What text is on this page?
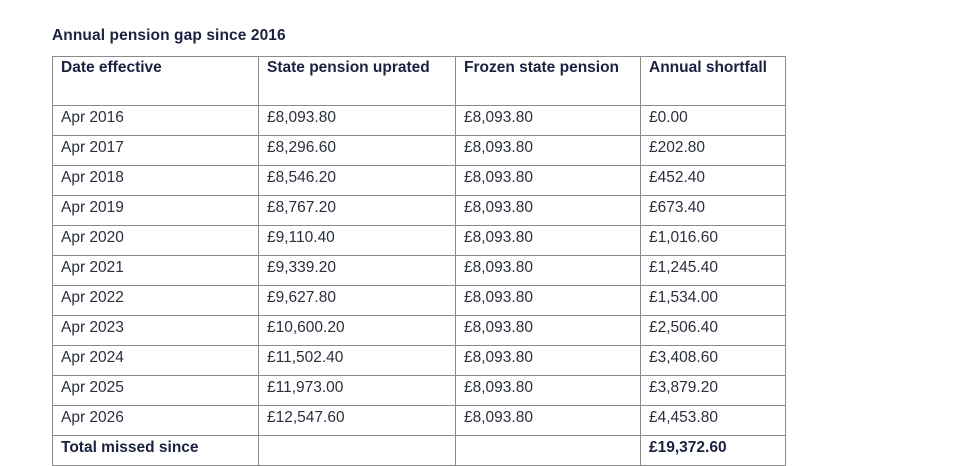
Annual pension gap since 2016
Date effective	State pension uprated	Frozen state pension	Annual shortfall
Apr 2016	£8,093.80	£8,093.80	£0.00
Apr 2017	£8,296.60	£8,093.80	£202.80
Apr 2018	£8,546.20	£8,093.80	£452.40
Apr 2019	£8,767.20	£8,093.80	£673.40
Apr 2020	£9,110.40	£8,093.80	£1,016.60
Apr 2021	£9,339.20	£8,093.80	£1,245.40
Apr 2022	£9,627.80	£8,093.80	£1,534.00
Apr 2023	£10,600.20	£8,093.80	£2,506.40
Apr 2024	£11,502.40	£8,093.80	£3,408.60
Apr 2025	£11,973.00	£8,093.80	£3,879.20
Apr 2026	£12,547.60	£8,093.80	£4,453.80
Total missed since			£19,372.60
